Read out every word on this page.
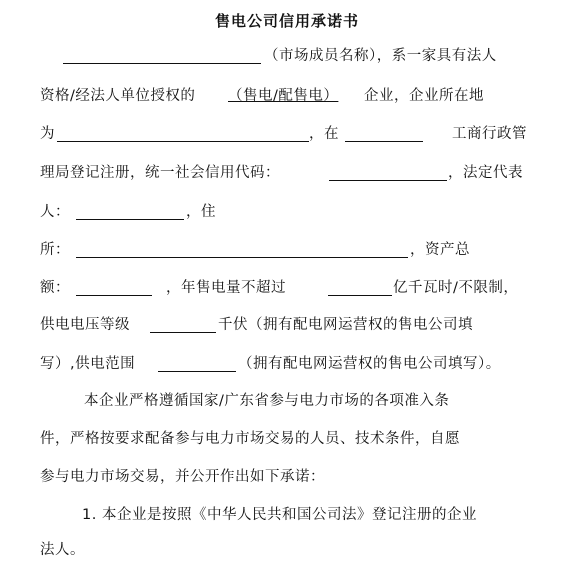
售电公司信用承诺书
（市场成员名称），系一家具有法人
资格/经法人单位授权的 （售电/配售电） 企业，企业所在地
为	，在	工商行政管
理局登记注册，统一社会信用代码：	，法定代表
人：	，住
所：	，资产总
额：	，年售电量不超过	亿千瓦时/不限制，
供电电压等级	千伏（拥有配电网运营权的售电公司填
写）,供电范围	（拥有配电网运营权的售电公司填写）。
本企业严格遵循国家/广东省参与电力市场的各项准入条
件，严格按要求配备参与电力市场交易的人员、技术条件，自愿
参与电力市场交易，并公开作出如下承诺：
1. 本企业是按照《中华人民共和国公司法》登记注册的企业
法人。
